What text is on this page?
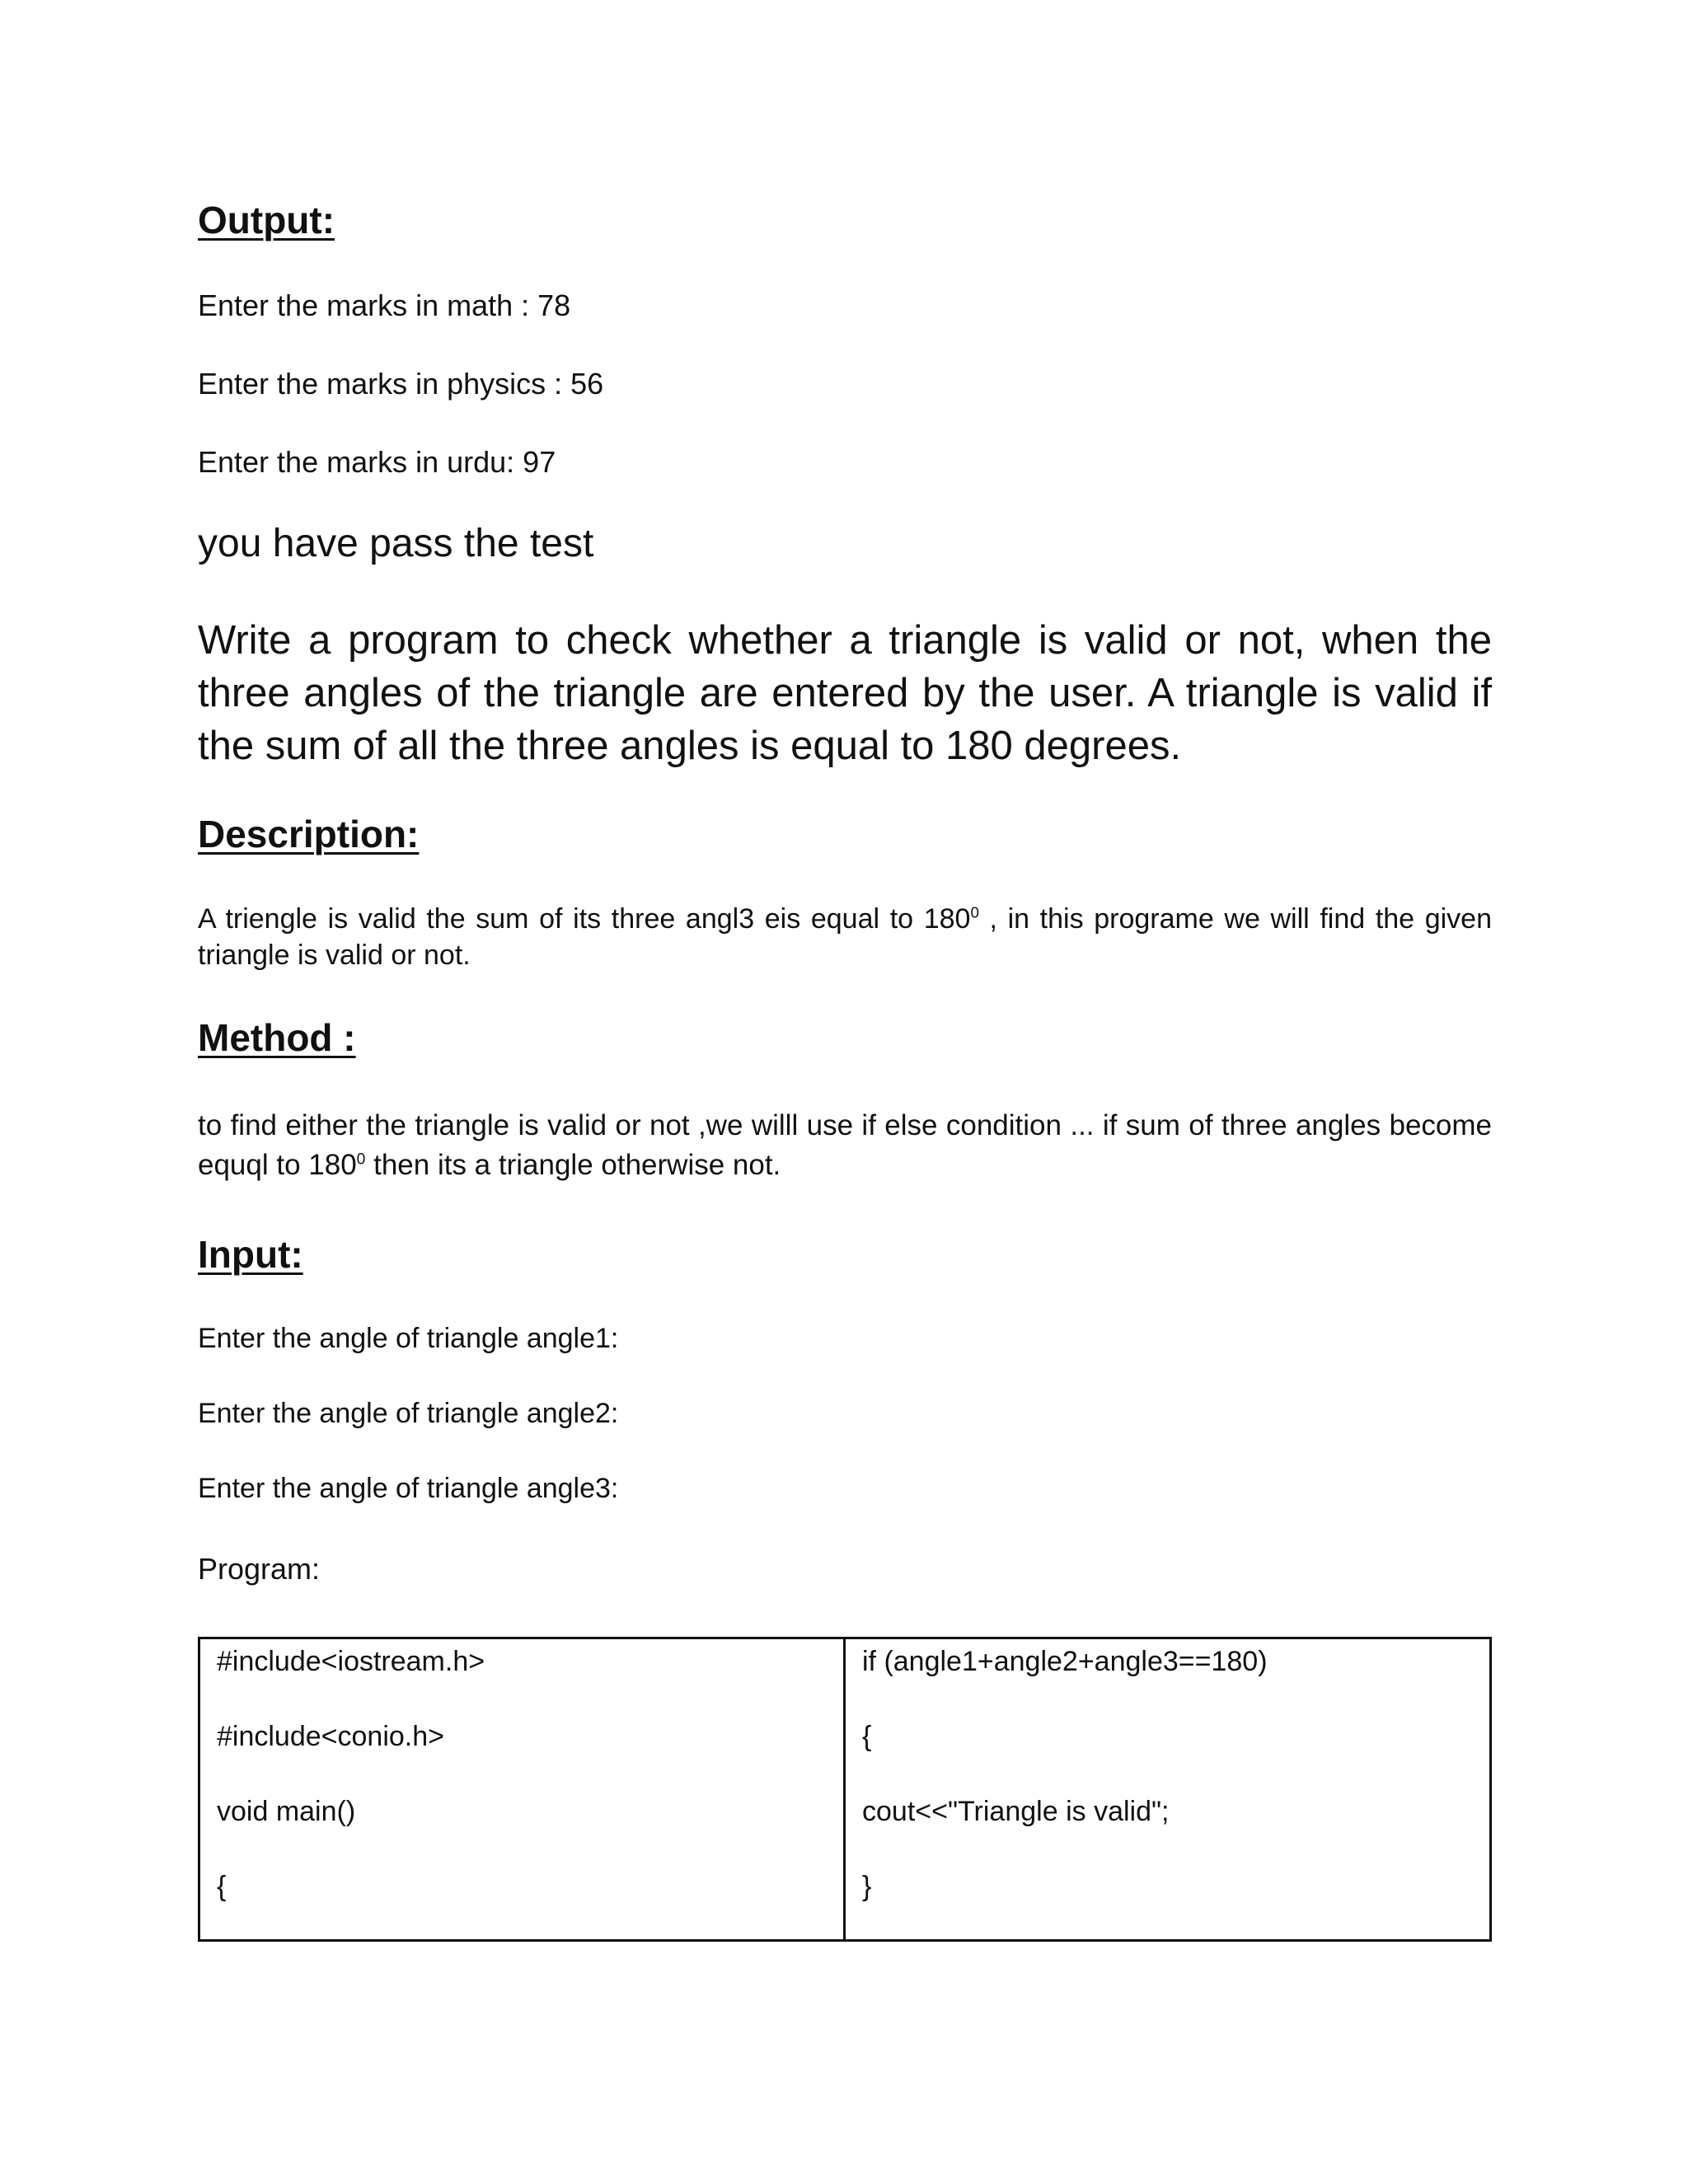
Output:
Enter the marks in math : 78
Enter the marks in physics : 56
Enter the marks in urdu: 97
you have pass the test
Write a program to check whether a triangle is valid or not, when the three angles of the triangle are entered by the user. A triangle is valid if the sum of all the three angles is equal to 180 degrees.
Description:
A triengle is valid the sum of its three angl3 eis equal to $180^0$ , in this programe we will find the given triangle is valid or not.
Method :
to find either the triangle is valid or not ,we willl use if else condition ... if sum of three angles become equql to $180^0$ then its a triangle otherwise not.
Input:
Enter the angle of triangle angle1:
Enter the angle of triangle angle2:
Enter the angle of triangle angle3:
Program:
#include<iostream.h>
#include<conio.h>
void main()
{
if (angle1+angle2+angle3==180)
{
cout<<"Triangle is valid";
}
